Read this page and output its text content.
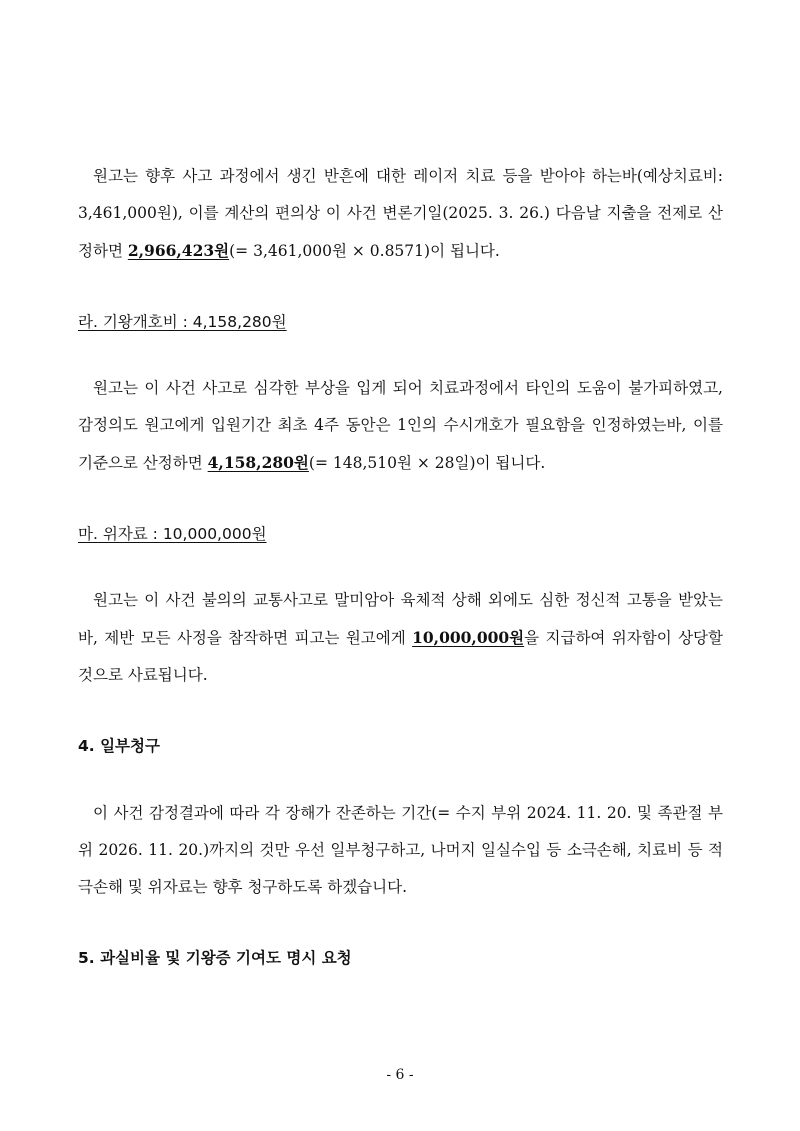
원고는 향후 사고 과정에서 생긴 반흔에 대한 레이저 치료 등을 받아야 하는바(예상치료비: 3,461,000원), 이를 계산의 편의상 이 사건 변론기일(2025. 3. 26.) 다음날 지출을 전제로 산정하면 2,966,423원(= 3,461,000원 × 0.8571)이 됩니다.

라. 기왕개호비 : 4,158,280원

원고는 이 사건 사고로 심각한 부상을 입게 되어 치료과정에서 타인의 도움이 불가피하였고, 감정의도 원고에게 입원기간 최초 4주 동안은 1인의 수시개호가 필요함을 인정하였는바, 이를 기준으로 산정하면 4,158,280원(= 148,510원 × 28일)이 됩니다.

마. 위자료 : 10,000,000원

원고는 이 사건 불의의 교통사고로 말미암아 육체적 상해 외에도 심한 정신적 고통을 받았는바, 제반 모든 사정을 참작하면 피고는 원고에게 10,000,000원을 지급하여 위자함이 상당할 것으로 사료됩니다.

4. 일부청구

이 사건 감정결과에 따라 각 장해가 잔존하는 기간(= 수지 부위 2024. 11. 20. 및 족관절 부위 2026. 11. 20.)까지의 것만 우선 일부청구하고, 나머지 일실수입 등 소극손해, 치료비 등 적극손해 및 위자료는 향후 청구하도록 하겠습니다.

5. 과실비율 및 기왕증 기여도 명시 요청

- 6 -
